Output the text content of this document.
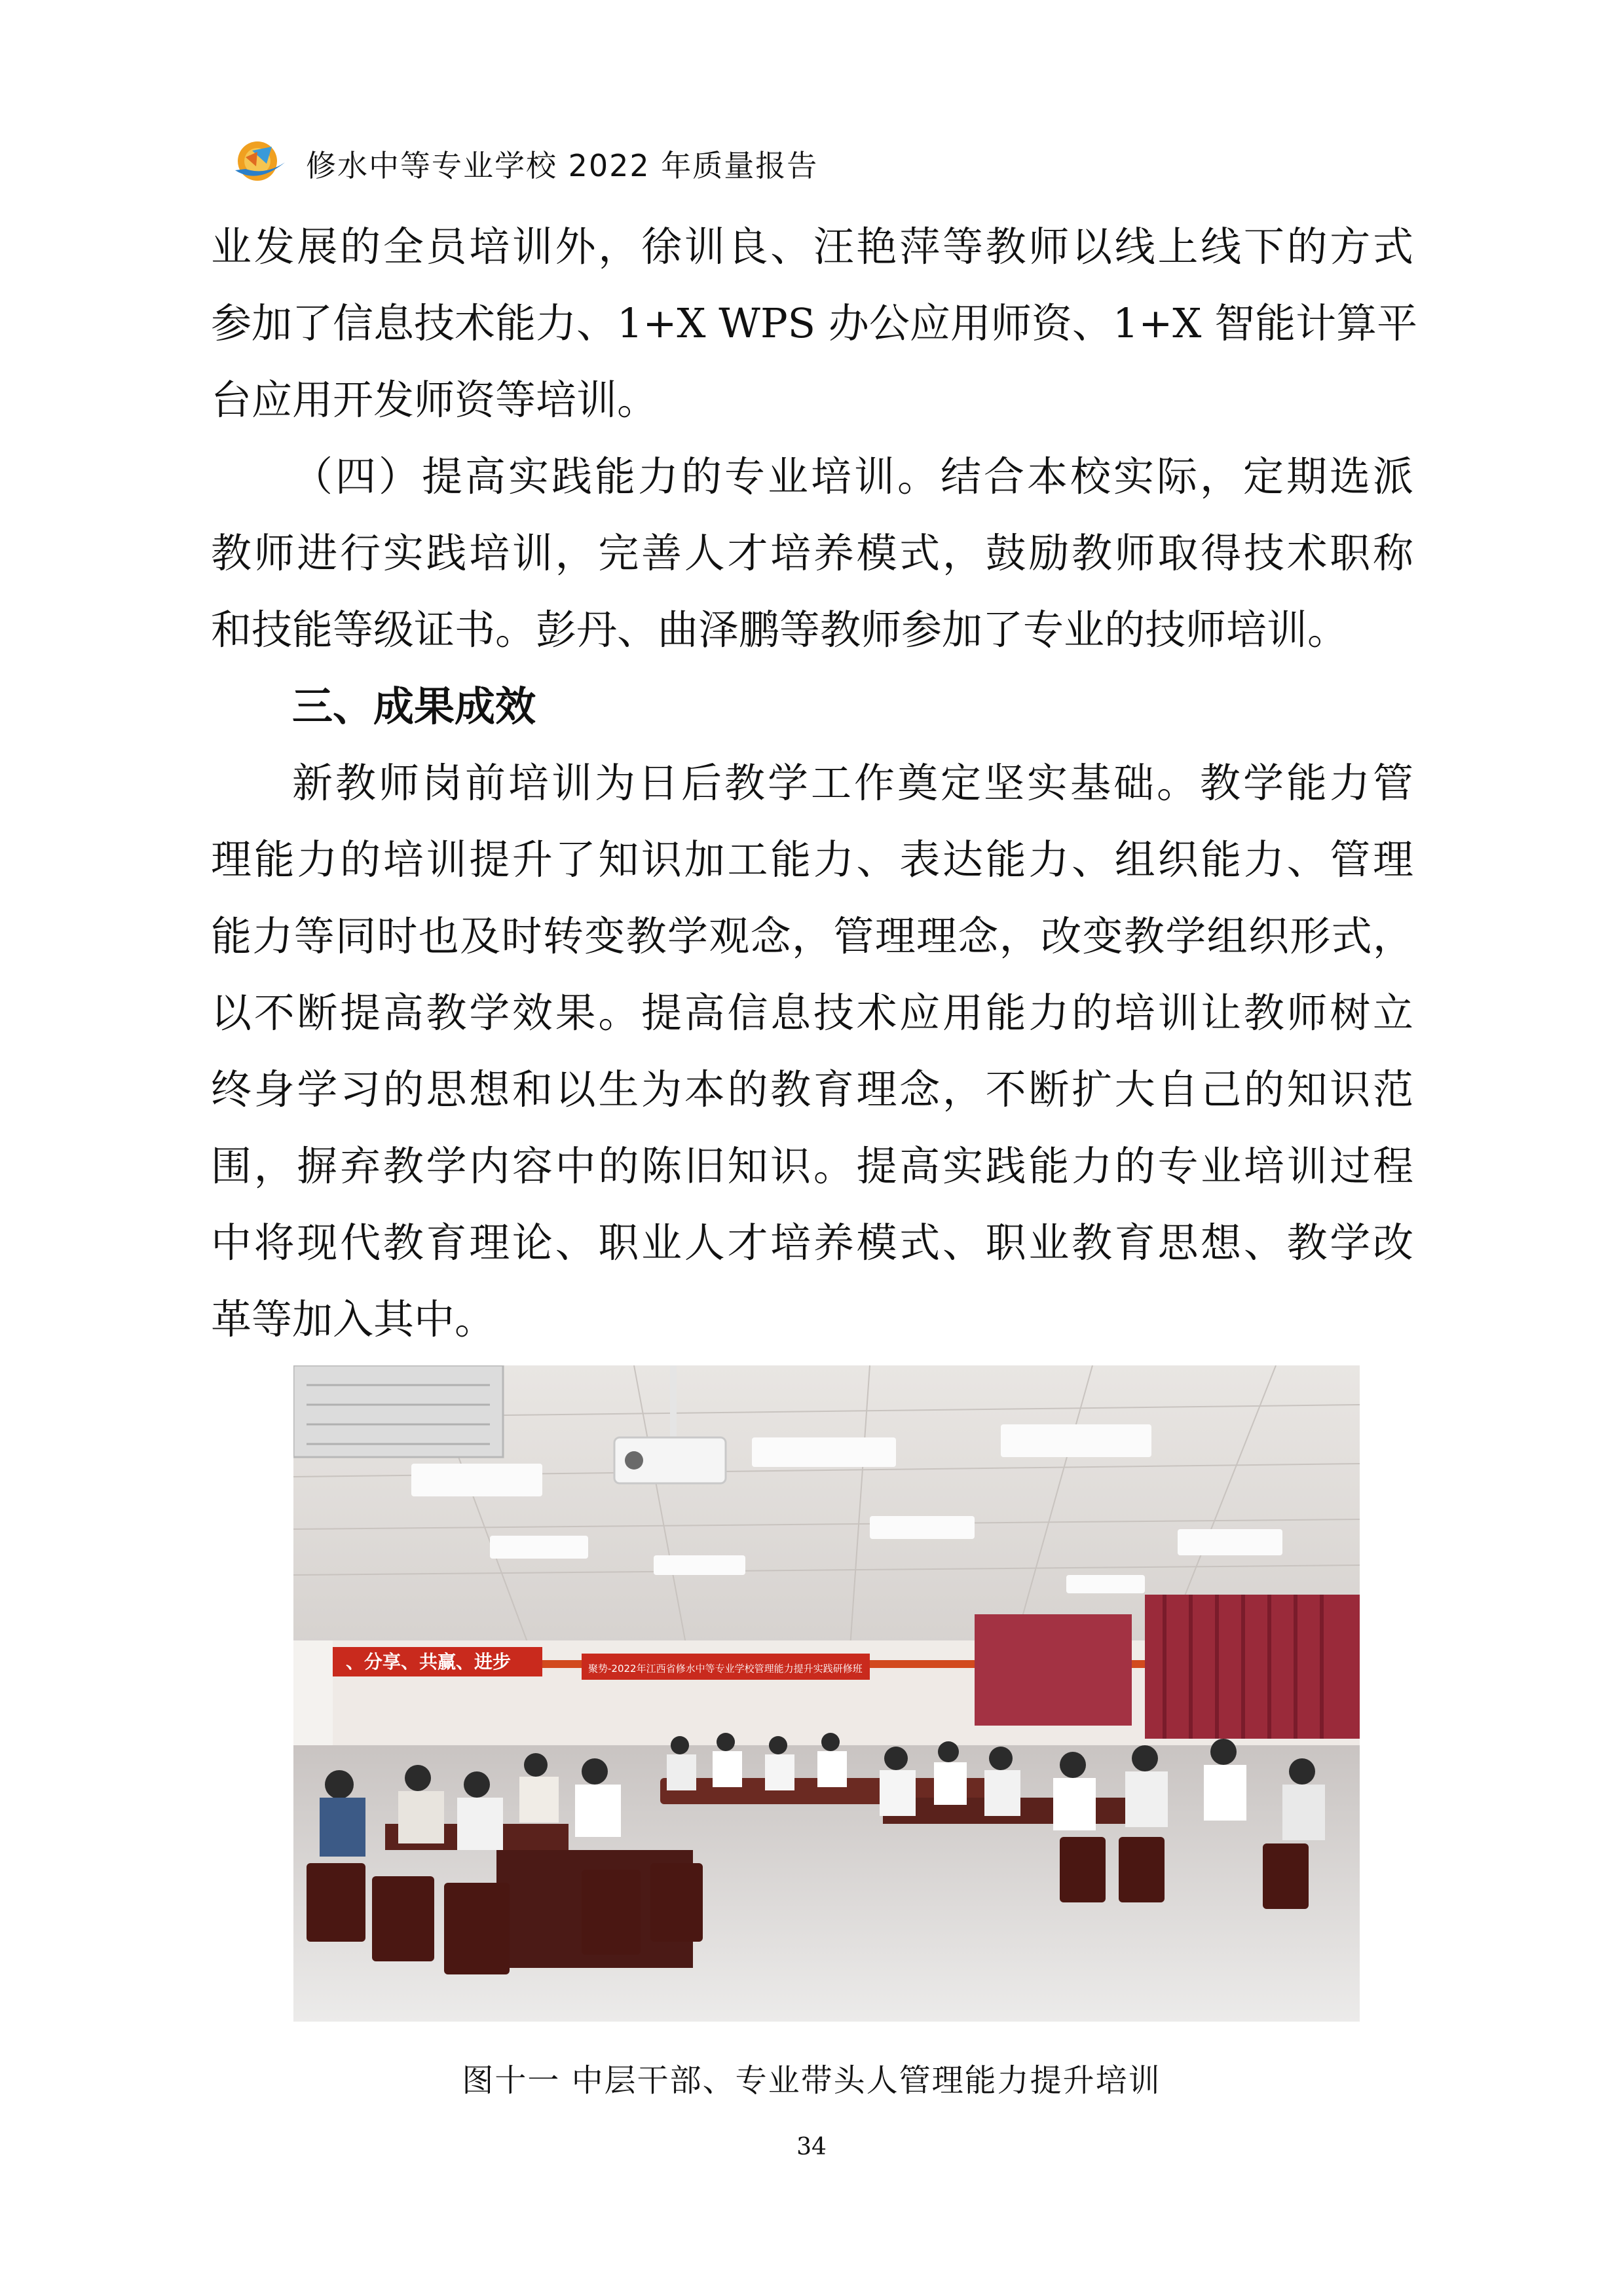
修水中等专业学校 2022 年质量报告
业发展的全员培训外，徐训良、汪艳萍等教师以线上线下的方式
参加了信息技术能力、1+X WPS 办公应用师资、1+X 智能计算平
台应用开发师资等培训。
（四）提高实践能力的专业培训。结合本校实际，定期选派
教师进行实践培训，完善人才培养模式，鼓励教师取得技术职称
和技能等级证书。彭丹、曲泽鹏等教师参加了专业的技师培训。
三、成果成效
新教师岗前培训为日后教学工作奠定坚实基础。教学能力管
理能力的培训提升了知识加工能力、表达能力、组织能力、管理
能力等同时也及时转变教学观念，管理理念，改变教学组织形式，
以不断提高教学效果。提高信息技术应用能力的培训让教师树立
终身学习的思想和以生为本的教育理念，不断扩大自己的知识范
围，摒弃教学内容中的陈旧知识。提高实践能力的专业培训过程
中将现代教育理论、职业人才培养模式、职业教育思想、教学改
革等加入其中。
、分享、共赢、进步	聚势-2022年江西省修水中等专业学校管理能力提升实践研修班
图十一 中层干部、专业带头人管理能力提升培训
34
